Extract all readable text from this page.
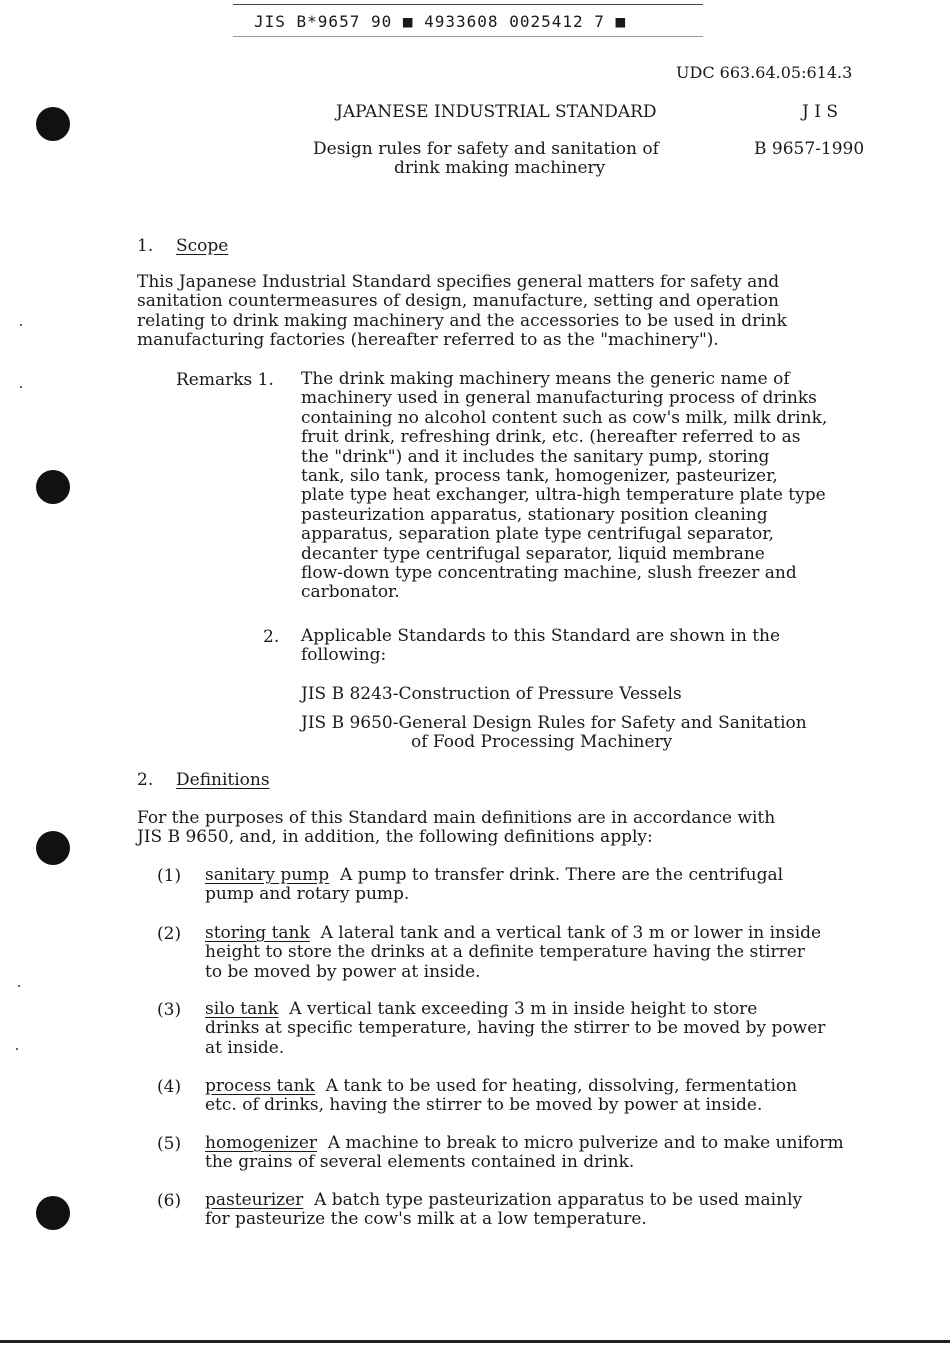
JIS B*9657 90 ■ 4933608 0025412 7 ■
UDC 663.64.05:614.3
JAPANESE INDUSTRIAL STANDARD	J I S
Design rules for safety and sanitation of
drink making machinery
B 9657-1990
1. Scope
This Japanese Industrial Standard specifies general matters for safety and
sanitation countermeasures of design, manufacture, setting and operation
relating to drink making machinery and the accessories to be used in drink
manufacturing factories (hereafter referred to as the "machinery").
Remarks 1. The drink making machinery means the generic name of
machinery used in general manufacturing process of drinks
containing no alcohol content such as cow's milk, milk drink,
fruit drink, refreshing drink, etc. (hereafter referred to as
the "drink") and it includes the sanitary pump, storing
tank, silo tank, process tank, homogenizer, pasteurizer,
plate type heat exchanger, ultra-high temperature plate type
pasteurization apparatus, stationary position cleaning
apparatus, separation plate type centrifugal separator,
decanter type centrifugal separator, liquid membrane
flow-down type concentrating machine, slush freezer and
carbonator.
2. Applicable Standards to this Standard are shown in the
following:
JIS B 8243-Construction of Pressure Vessels
JIS B 9650-General Design Rules for Safety and Sanitation
of Food Processing Machinery
2. Definitions
For the purposes of this Standard main definitions are in accordance with
JIS B 9650, and, in addition, the following definitions apply:
(1) sanitary pump A pump to transfer drink. There are the centrifugal
pump and rotary pump.
(2) storing tank A lateral tank and a vertical tank of 3 m or lower in inside
height to store the drinks at a definite temperature having the stirrer
to be moved by power at inside.
(3) silo tank A vertical tank exceeding 3 m in inside height to store
drinks at specific temperature, having the stirrer to be moved by power
at inside.
(4) process tank A tank to be used for heating, dissolving, fermentation
etc. of drinks, having the stirrer to be moved by power at inside.
(5) homogenizer A machine to break to micro pulverize and to make uniform
the grains of several elements contained in drink.
(6) pasteurizer A batch type pasteurization apparatus to be used mainly
for pasteurize the cow's milk at a low temperature.
